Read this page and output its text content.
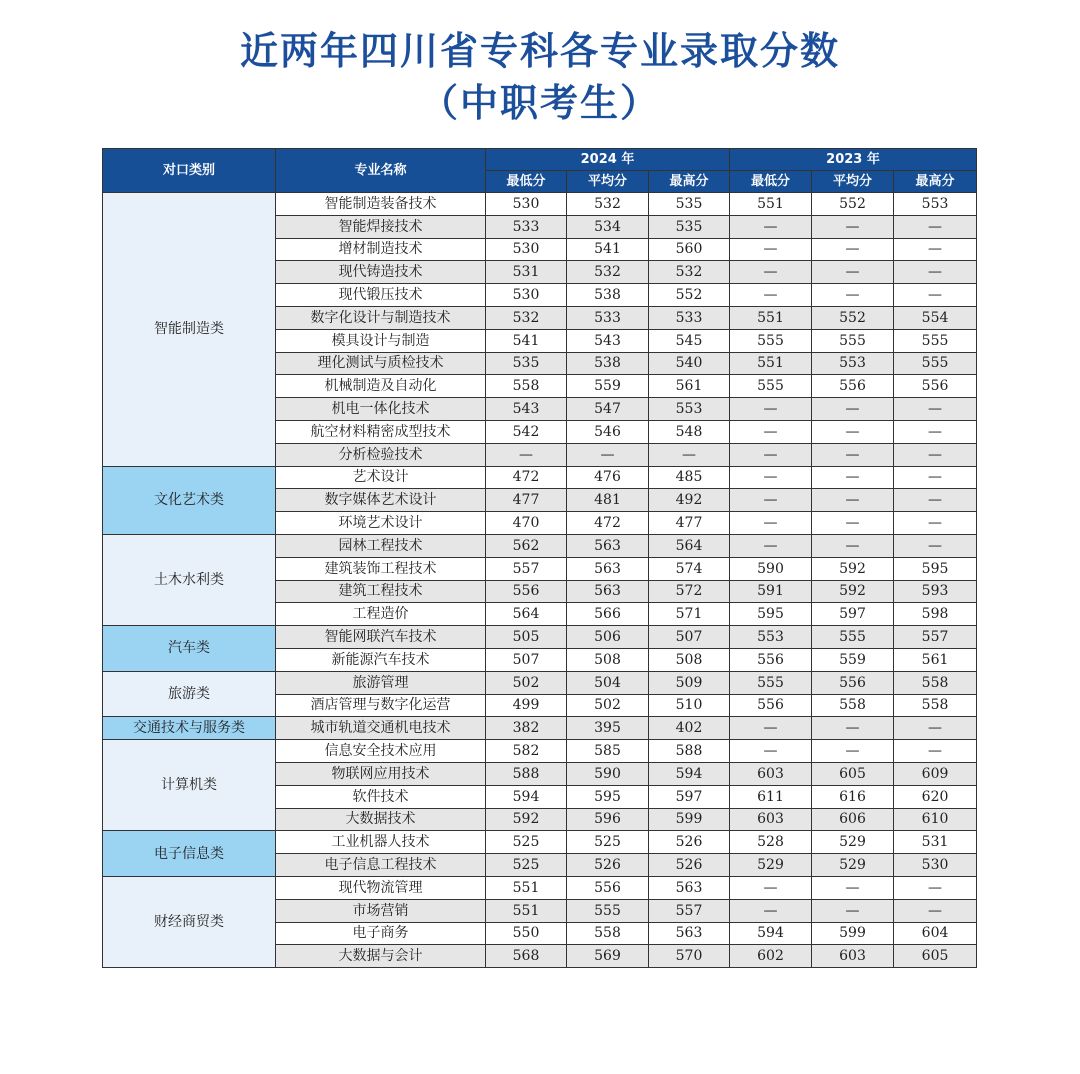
近两年四川省专科各专业录取分数
（中职考生）
对口类别	专业名称	2024 年			2023 年		
		最低分	平均分	最高分	最低分	平均分	最高分
智能制造类	智能制造装备技术	530	532	535	551	552	553
	智能焊接技术	533	534	535	—	—	—
	增材制造技术	530	541	560	—	—	—
	现代铸造技术	531	532	532	—	—	—
	现代锻压技术	530	538	552	—	—	—
	数字化设计与制造技术	532	533	533	551	552	554
	模具设计与制造	541	543	545	555	555	555
	理化测试与质检技术	535	538	540	551	553	555
	机械制造及自动化	558	559	561	555	556	556
	机电一体化技术	543	547	553	—	—	—
	航空材料精密成型技术	542	546	548	—	—	—
	分析检验技术	—	—	—	—	—	—
文化艺术类	艺术设计	472	476	485	—	—	—
	数字媒体艺术设计	477	481	492	—	—	—
	环境艺术设计	470	472	477	—	—	—
土木水利类	园林工程技术	562	563	564	—	—	—
	建筑装饰工程技术	557	563	574	590	592	595
	建筑工程技术	556	563	572	591	592	593
	工程造价	564	566	571	595	597	598
汽车类	智能网联汽车技术	505	506	507	553	555	557
	新能源汽车技术	507	508	508	556	559	561
旅游类	旅游管理	502	504	509	555	556	558
	酒店管理与数字化运营	499	502	510	556	558	558
交通技术与服务类	城市轨道交通机电技术	382	395	402	—	—	—
计算机类	信息安全技术应用	582	585	588	—	—	—
	物联网应用技术	588	590	594	603	605	609
	软件技术	594	595	597	611	616	620
	大数据技术	592	596	599	603	606	610
电子信息类	工业机器人技术	525	525	526	528	529	531
	电子信息工程技术	525	526	526	529	529	530
财经商贸类	现代物流管理	551	556	563	—	—	—
	市场营销	551	555	557	—	—	—
	电子商务	550	558	563	594	599	604
	大数据与会计	568	569	570	602	603	605
